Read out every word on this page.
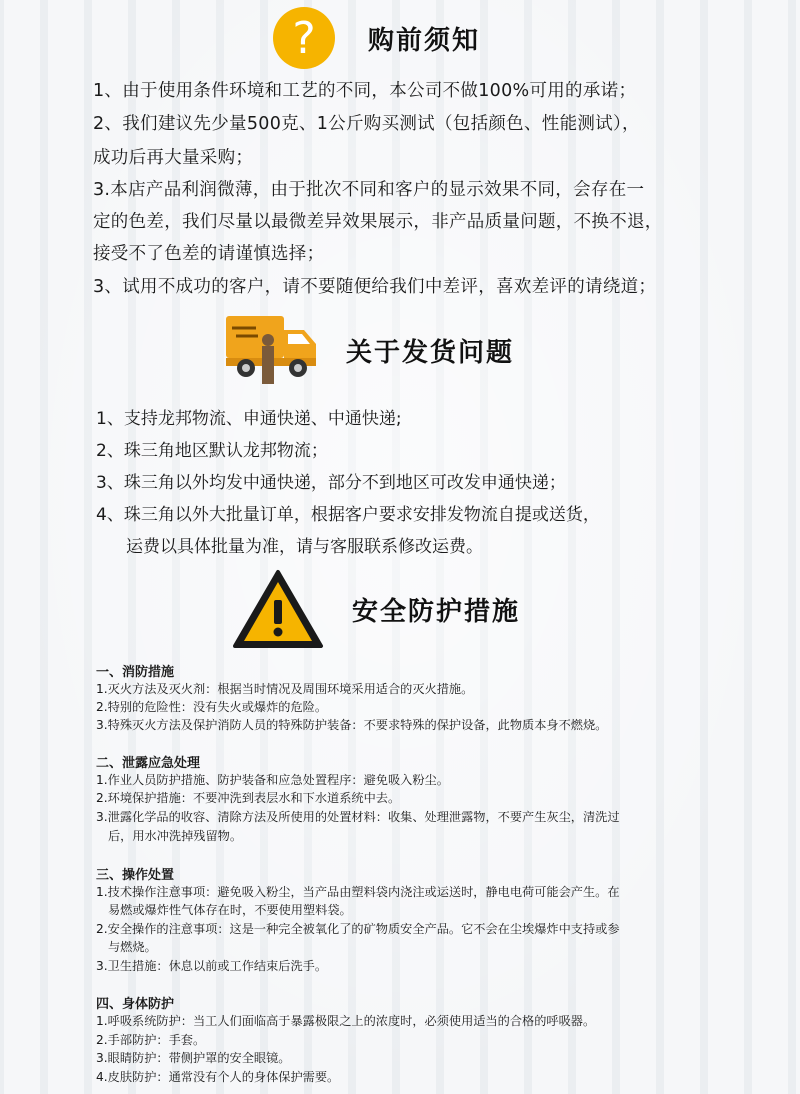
? 购前须知
1、由于使用条件环境和工艺的不同，本公司不做100%可用的承诺；
2、我们建议先少量500克、1公斤购买测试（包括颜色、性能测试），
成功后再大量采购；
3.本店产品利润微薄，由于批次不同和客户的显示效果不同，会存在一
定的色差，我们尽量以最微差异效果展示，非产品质量问题，不换不退，
接受不了色差的请谨慎选择；
3、试用不成功的客户，请不要随便给我们中差评，喜欢差评的请绕道；
关于发货问题
1、支持龙邦物流、申通快递、中通快递;
2、珠三角地区默认龙邦物流；
3、珠三角以外均发中通快递，部分不到地区可改发申通快递；
4、珠三角以外大批量订单，根据客户要求安排发物流自提或送货，
运费以具体批量为准，请与客服联系修改运费。
安全防护措施
一、消防措施
1.灭火方法及灭火剂：根据当时情况及周围环境采用适合的灭火措施。
2.特别的危险性：没有失火或爆炸的危险。
3.特殊灭火方法及保护消防人员的特殊防护装备：不要求特殊的保护设备，此物质本身不燃烧。
二、泄露应急处理
1.作业人员防护措施、防护装备和应急处置程序：避免吸入粉尘。
2.环境保护措施：不要冲洗到表层水和下水道系统中去。
3.泄露化学品的收容、清除方法及所使用的处置材料：收集、处理泄露物，不要产生灰尘，清洗过
后，用水冲洗掉残留物。
三、操作处置
1.技术操作注意事项：避免吸入粉尘，当产品由塑料袋内浇注或运送时，静电电荷可能会产生。在
易燃或爆炸性气体存在时，不要使用塑料袋。
2.安全操作的注意事项：这是一种完全被氧化了的矿物质安全产品。它不会在尘埃爆炸中支持或参
与燃烧。
3.卫生措施：休息以前或工作结束后洗手。
四、身体防护
1.呼吸系统防护：当工人们面临高于暴露极限之上的浓度时，必须使用适当的合格的呼吸器。
2.手部防护：手套。
3.眼睛防护：带侧护罩的安全眼镜。
4.皮肤防护：通常没有个人的身体保护需要。
